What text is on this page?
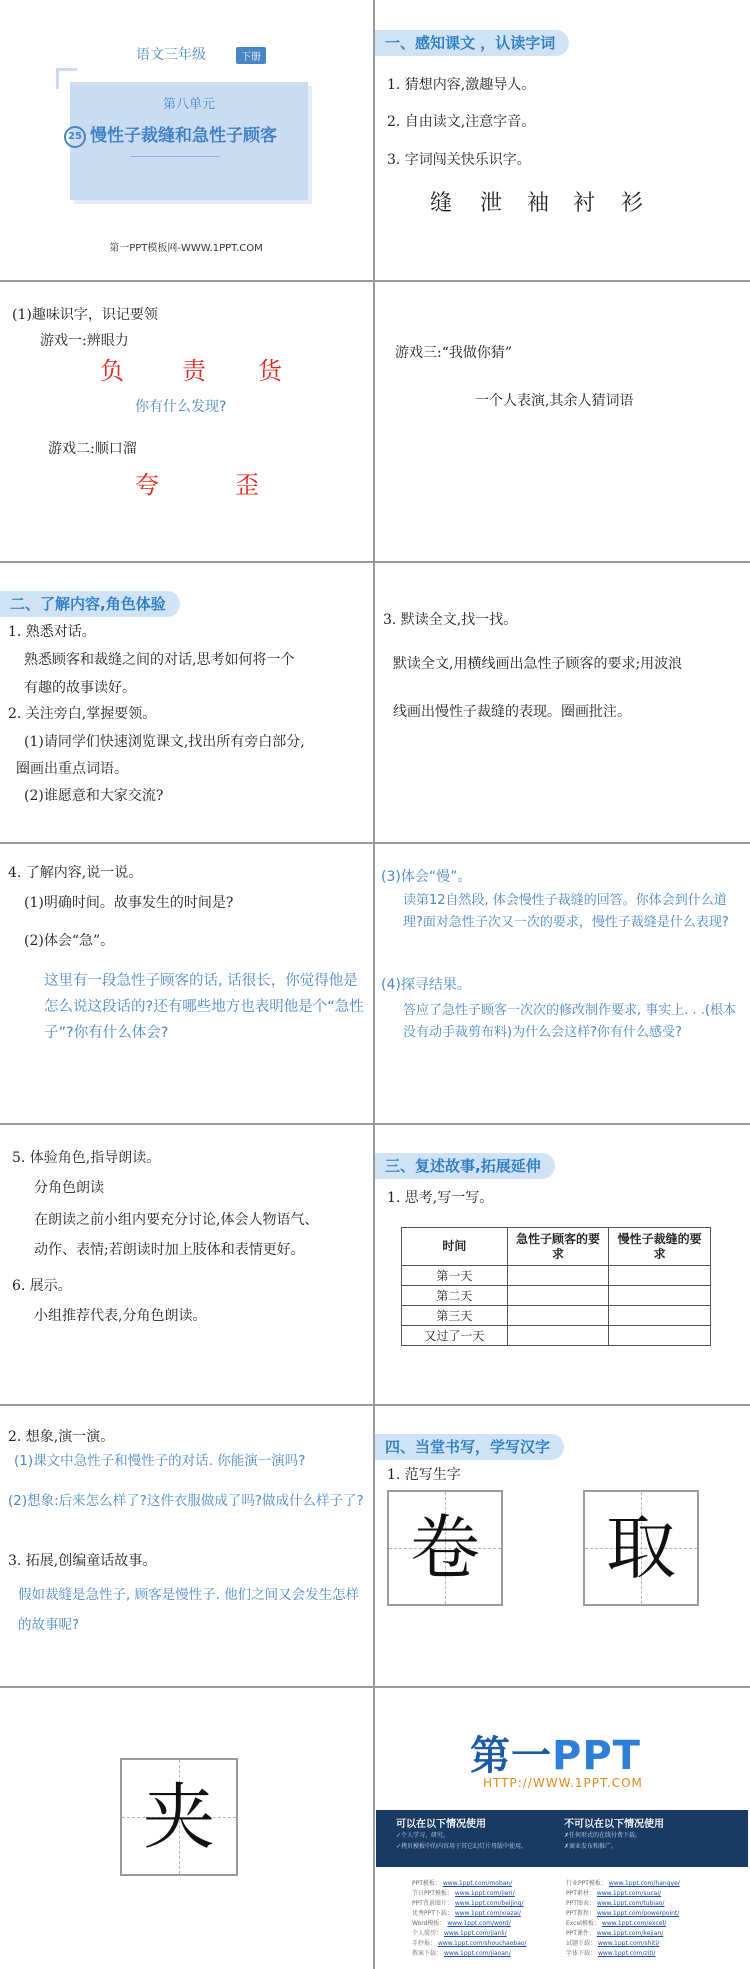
语文三年级	下册
第八单元
25 慢性子裁缝和急性子顾客
第一PPT模板网-WWW.1PPT.COM
一、感知课文 ，认读字词
1. 猜想内容,激趣导人。
2. 自由读文,注意字音。
3. 字词闯关快乐识字。
缝 泄 袖 衬 衫
(1)趣味识字，识记要领
游戏一:辨眼力
负 责 货
你有什么发现?
游戏二:顺口溜
夸	歪
游戏三:“我做你猜”
一个人表演,其余人猜词语
二、了解内容,角色体验
1. 熟悉对话。
熟悉顾客和裁缝之间的对话,思考如何将一个
有趣的故事读好。
2. 关注旁白,掌握要领。
(1)请同学们快速浏览课文,找出所有旁白部分,
圈画出重点词语。
(2)谁愿意和大家交流?
3. 默读全文,找一找。
默读全文,用横线画出急性子顾客的要求;用波浪
线画出慢性子裁缝的表现。圈画批注。
4. 了解内容,说一说。
(1)明确时间。故事发生的时间是?
(2)体会“急”。
这里有一段急性子顾客的话, 话很长，你觉得他是怎么说这段话的?还有哪些地方也表明他是个“急性子”?你有什么体会?
(3)体会“慢”。
读第12自然段, 体会慢性子裁缝的回答。你体会到什么道理?面对急性子次又一次的要求，慢性子裁缝是什么表现?
(4)探寻结果。
答应了急性子顾客一次次的修改制作要求, 事实上. . .(根本没有动手裁剪布料)为什么会这样?你有什么感受?
5. 体验角色,指导朗读。
分角色朗读
在朗读之前小组内要充分讨论,体会人物语气、
动作、表情;若朗读时加上肢体和表情更好。
6. 展示。
小组推荐代表,分角色朗读。
三、复述故事,拓展延伸
1. 思考,写一写。
时间	急性子顾客的要求	慢性子裁缝的要求
第一天		
第二天		
第三天		
又过了一天		
2. 想象,演一演。
(1)课文中急性子和慢性子的对话. 你能演一演吗?
(2)想象:后来怎么样了?这件衣服做成了吗?做成什么样子了?
3. 拓展,创编童话故事。
假如裁缝是急性子, 顾客是慢性子. 他们之间又会发生怎样的故事呢?
四、当堂书写，学写汉字
1. 范写生字
卷	取
夹
第一PPT
HTTP://WWW.1PPT.COM
可以在以下情况使用
✓个人学习、研究。
✓拷贝模板中的内容用于其它幻灯片母版中使用。
不可以在以下情况使用
✗任何形式的在线付费下载。
✗商业发布和推广。
PPT模板： www.1ppt.com/moban/
节日PPT模板： www.1ppt.com/jieri/
PPT背景图片： www.1ppt.com/beijing/
优秀PPT下载： www.1ppt.com/xiazai/
Word模板： www.1ppt.com/word/
个人简历： www.1ppt.com/jianli/
手抄报： www.1ppt.com/shouchaobao/
教案下载： www.1ppt.com/jiaoan/
行业PPT模板： www.1ppt.com/hangye/
PPT素材： www.1ppt.com/sucai/
PPT图表： www.1ppt.com/tubiao/
PPT教程： www.1ppt.com/powerpoint/
Excel模板： www.1ppt.com/excel/
PPT课件： www.1ppt.com/kejian/
试题下载： www.1ppt.com/shiti/
字体下载： www.1ppt.com/ziti/
